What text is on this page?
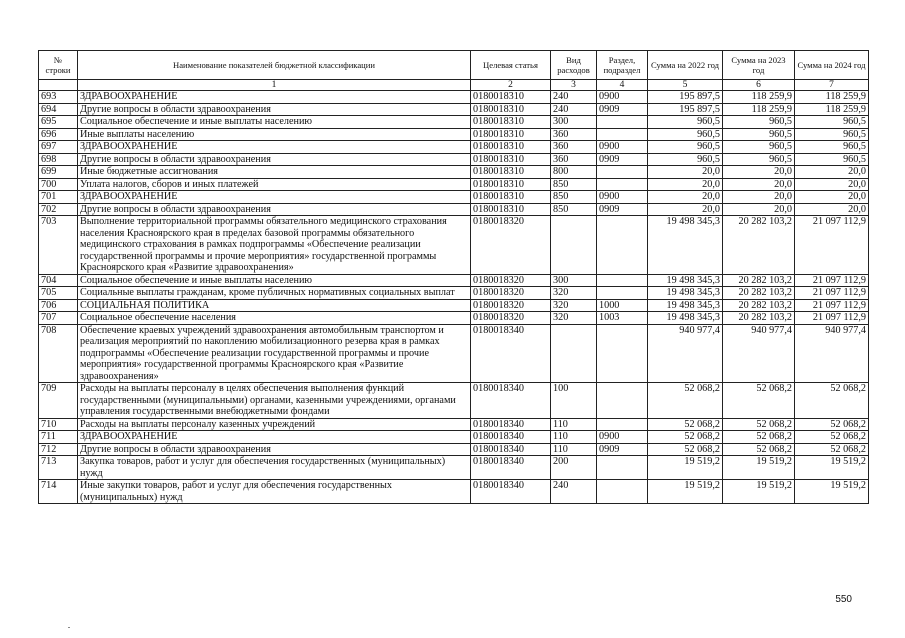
№ строки	Наименование показателей бюджетной классификации	Целевая статья	Вид расходов	Раздел, подраздел	Сумма на 2022 год	Сумма на 2023 год	Сумма на 2024 год
	1	2	3	4	5	6	7
693	ЗДРАВООХРАНЕНИЕ	0180018310	240	0900	195 897,5	118 259,9	118 259,9
694	Другие вопросы в области здравоохранения	0180018310	240	0909	195 897,5	118 259,9	118 259,9
695	Социальное обеспечение и иные выплаты населению	0180018310	300		960,5	960,5	960,5
696	Иные выплаты населению	0180018310	360		960,5	960,5	960,5
697	ЗДРАВООХРАНЕНИЕ	0180018310	360	0900	960,5	960,5	960,5
698	Другие вопросы в области здравоохранения	0180018310	360	0909	960,5	960,5	960,5
699	Иные бюджетные ассигнования	0180018310	800		20,0	20,0	20,0
700	Уплата налогов, сборов и иных платежей	0180018310	850		20,0	20,0	20,0
701	ЗДРАВООХРАНЕНИЕ	0180018310	850	0900	20,0	20,0	20,0
702	Другие вопросы в области здравоохранения	0180018310	850	0909	20,0	20,0	20,0
703	Выполнение территориальной программы обязательного медицинского страхования населения Красноярского края в пределах базовой программы обязательного медицинского страхования в рамках подпрограммы «Обеспечение реализации государственной программы и прочие мероприятия» государственной программы Красноярского края «Развитие здравоохранения»	0180018320			19 498 345,3	20 282 103,2	21 097 112,9
704	Социальное обеспечение и иные выплаты населению	0180018320	300		19 498 345,3	20 282 103,2	21 097 112,9
705	Социальные выплаты гражданам, кроме публичных нормативных социальных выплат	0180018320	320		19 498 345,3	20 282 103,2	21 097 112,9
706	СОЦИАЛЬНАЯ ПОЛИТИКА	0180018320	320	1000	19 498 345,3	20 282 103,2	21 097 112,9
707	Социальное обеспечение населения	0180018320	320	1003	19 498 345,3	20 282 103,2	21 097 112,9
708	Обеспечение краевых учреждений здравоохранения автомобильным транспортом и реализация мероприятий по накоплению мобилизационного резерва края в рамках подпрограммы «Обеспечение реализации государственной программы и прочие мероприятия» государственной программы Красноярского края «Развитие здравоохранения»	0180018340			940 977,4	940 977,4	940 977,4
709	Расходы на выплаты персоналу в целях обеспечения выполнения функций государственными (муниципальными) органами, казенными учреждениями, органами управления государственными внебюджетными фондами	0180018340	100		52 068,2	52 068,2	52 068,2
710	Расходы на выплаты персоналу казенных учреждений	0180018340	110		52 068,2	52 068,2	52 068,2
711	ЗДРАВООХРАНЕНИЕ	0180018340	110	0900	52 068,2	52 068,2	52 068,2
712	Другие вопросы в области здравоохранения	0180018340	110	0909	52 068,2	52 068,2	52 068,2
713	Закупка товаров, работ и услуг для обеспечения государственных (муниципальных) нужд	0180018340	200		19 519,2	19 519,2	19 519,2
714	Иные закупки товаров, работ и услуг для обеспечения государственных (муниципальных) нужд	0180018340	240		19 519,2	19 519,2	19 519,2
550
